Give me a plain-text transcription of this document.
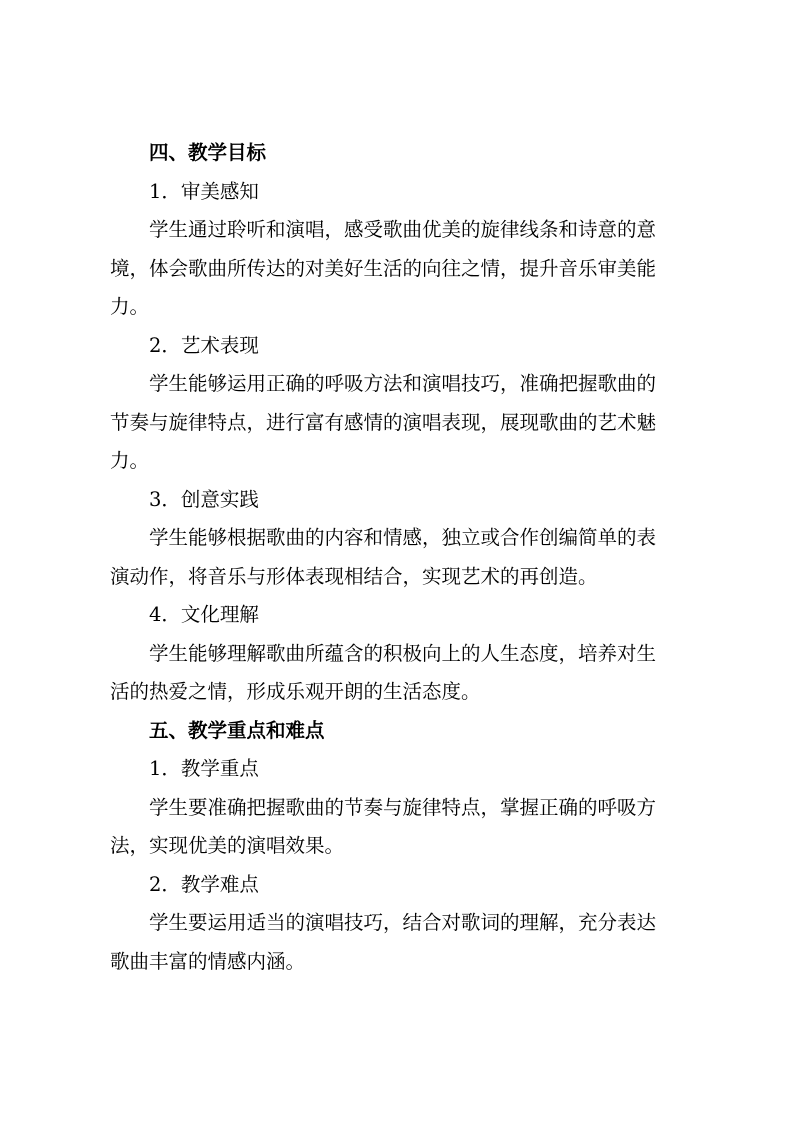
四、教学目标
1．审美感知
学生通过聆听和演唱，感受歌曲优美的旋律线条和诗意的意
境，体会歌曲所传达的对美好生活的向往之情，提升音乐审美能
力。
2．艺术表现
学生能够运用正确的呼吸方法和演唱技巧，准确把握歌曲的
节奏与旋律特点，进行富有感情的演唱表现，展现歌曲的艺术魅
力。
3．创意实践
学生能够根据歌曲的内容和情感，独立或合作创编简单的表
演动作，将音乐与形体表现相结合，实现艺术的再创造。
4．文化理解
学生能够理解歌曲所蕴含的积极向上的人生态度，培养对生
活的热爱之情，形成乐观开朗的生活态度。
五、教学重点和难点
1．教学重点
学生要准确把握歌曲的节奏与旋律特点，掌握正确的呼吸方
法，实现优美的演唱效果。
2．教学难点
学生要运用适当的演唱技巧，结合对歌词的理解，充分表达
歌曲丰富的情感内涵。
